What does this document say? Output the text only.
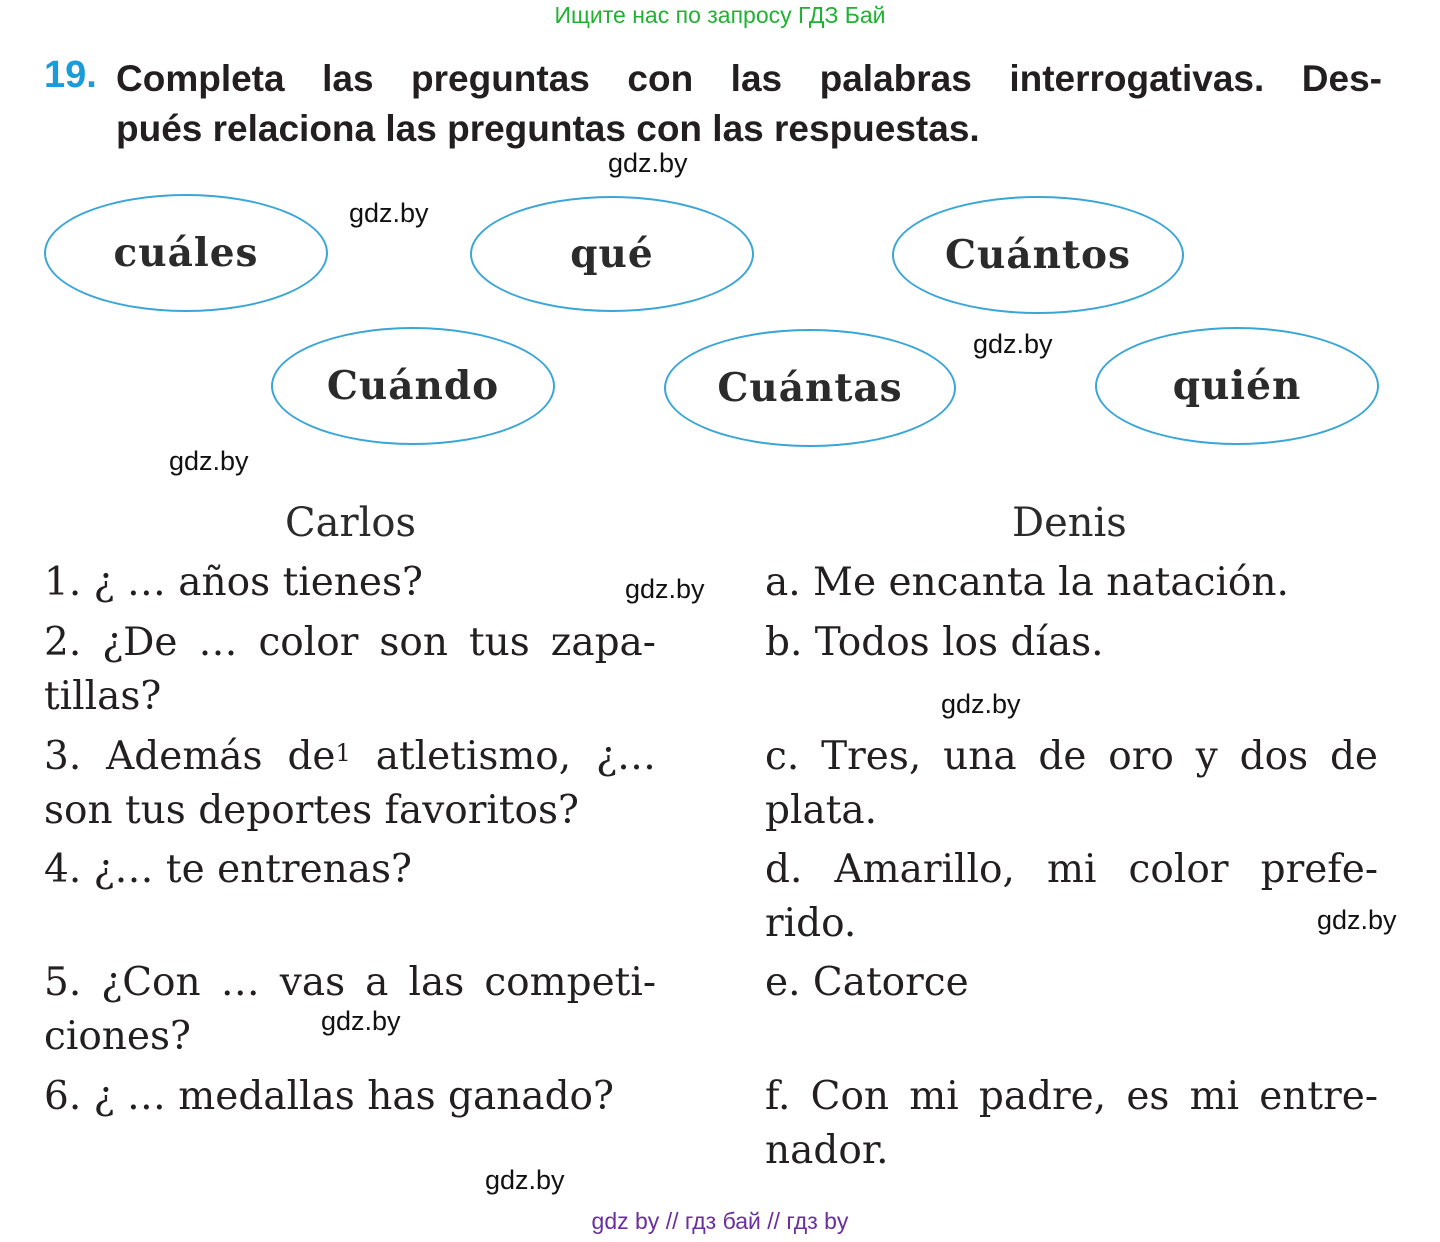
Ищите нас по запросу ГДЗ Бай
19. Completa las preguntas con las palabras interrogativas. Des-
pués relaciona las preguntas con las respuestas.
cuáles	qué	Cuántos
Cuándo	Cuántas	quién
gdz.by
gdz.by
gdz.by
gdz.by
gdz.by
gdz.by
gdz.by
gdz.by
gdz.by
Carlos	Denis
1. ¿ … años tienes?
2. ¿De … color son tus zapa-
tillas?
3. Además de$^1$ atletismo, ¿…
son tus deportes favoritos?
4. ¿… te entrenas?
5. ¿Con … vas a las competi-
ciones?
6. ¿ … medallas has ganado?
a. Me encanta la natación.
b. Todos los días.
c. Tres, una de oro y dos de
plata.
d. Amarillo, mi color prefe-
rido.
e. Catorce
f. Con mi padre, es mi entre-
nador.
gdz by // гдз бай // гдз by
